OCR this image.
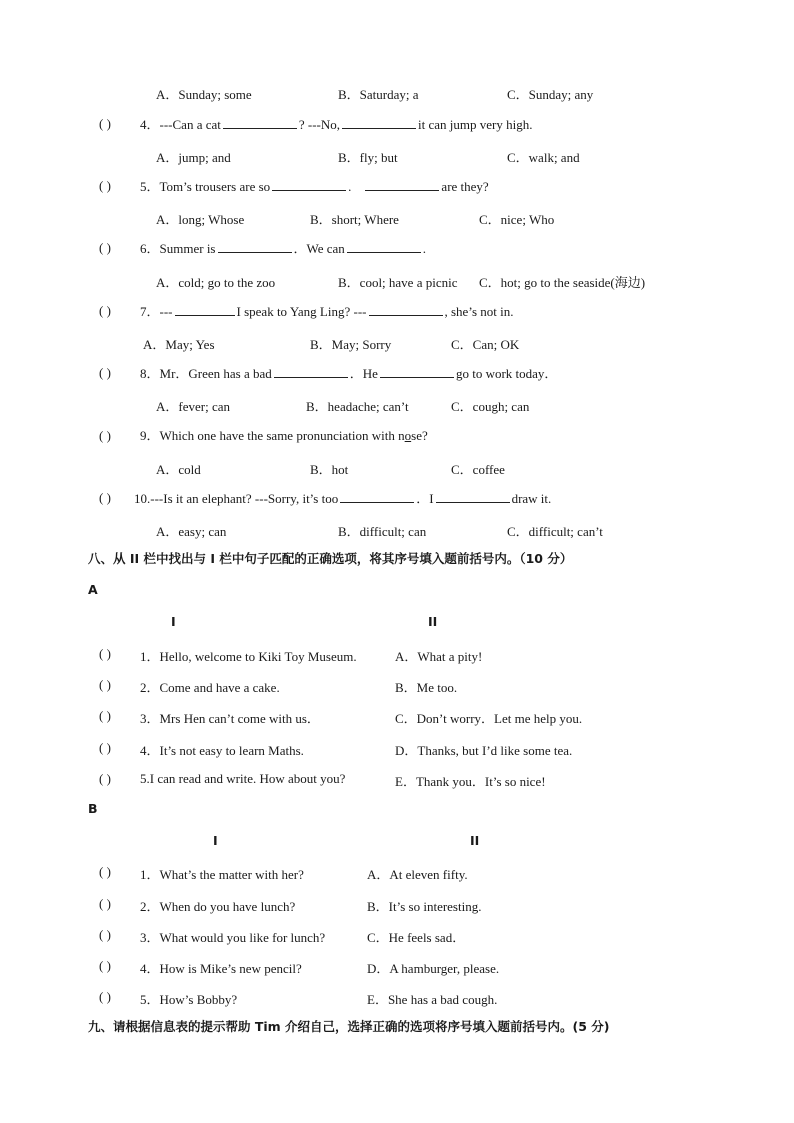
A．Sunday; some	B．Saturday; a	C．Sunday; any
( ) 4．---Can a cat	? ---No,	it can jump very high.
A．jump; and	B．fly; but	C．walk; and
( ) 5．Tom’s trousers are so	.	are they?
A．long; Whose	B．short; Where	C．nice; Who
( ) 6．Summer is	．We can	.
A．cold; go to the zoo	B．cool; have a picnic C．hot; go to the seaside(海边)
( ) 7．---	I speak to Yang Ling? ---	, she’s not in.
A．May; Yes	B．May; Sorry	C．Can; OK
( ) 8．Mr．Green has a bad	．He	go to work today．
A．fever; can	B．headache; can’t	C．cough; can
( ) 9．Which one have the same pronunciation with nose?
A．cold	B．hot	C．coffee
( ) 10.---Is it an elephant? ---Sorry, it’s too	．I	draw it.
A．easy; can	B．difficult; can	C．difficult; can’t
八、从 II 栏中找出与 I 栏中句子匹配的正确选项，将其序号填入题前括号内。（10 分）
A
I	II
( ) 1．Hello, welcome to Kiki Toy Museum.	A．What a pity!
( ) 2．Come and have a cake.	B．Me too.
( ) 3．Mrs Hen can’t come with us．	C．Don’t worry．Let me help you.
( ) 4．It’s not easy to learn Maths.	D．Thanks, but I’d like some tea.
( ) 5.I can read and write. How about you?	E．Thank you．It’s so nice!
B
I	II
( ) 1．What’s the matter with her?	A．At eleven fifty.
( ) 2．When do you have lunch?	B．It’s so interesting.
( ) 3．What would you like for lunch?	C．He feels sad．
( ) 4．How is Mike’s new pencil?	D．A hamburger, please.
( ) 5．How’s Bobby?	E．She has a bad cough.
九、请根据信息表的提示帮助 Tim 介绍自己，选择正确的选项将序号填入题前括号内。(5 分)
